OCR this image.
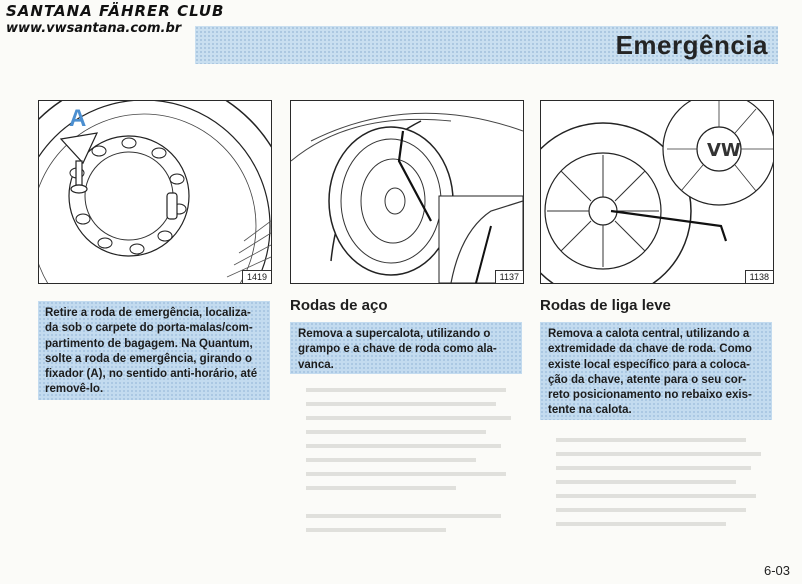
SANTANA FÄHRER CLUB
www.vwsantana.com.br
Emergência
A
1419	1137
VW
1138
Retire a roda de emergência, localiza-da sob o carpete do porta-malas/com-partimento de bagagem. Na Quantum, solte a roda de emergência, girando o fixador (A), no sentido anti-horário, até removê-lo.
Rodas de aço
Remova a supercalota, utilizando o grampo e a chave de roda como ala-vanca.
Rodas de liga leve
Remova a calota central, utilizando a extremidade da chave de roda. Como existe local específico para a coloca-ção da chave, atente para o seu cor-reto posicionamento no rebaixo exis-tente na calota.
6-03
